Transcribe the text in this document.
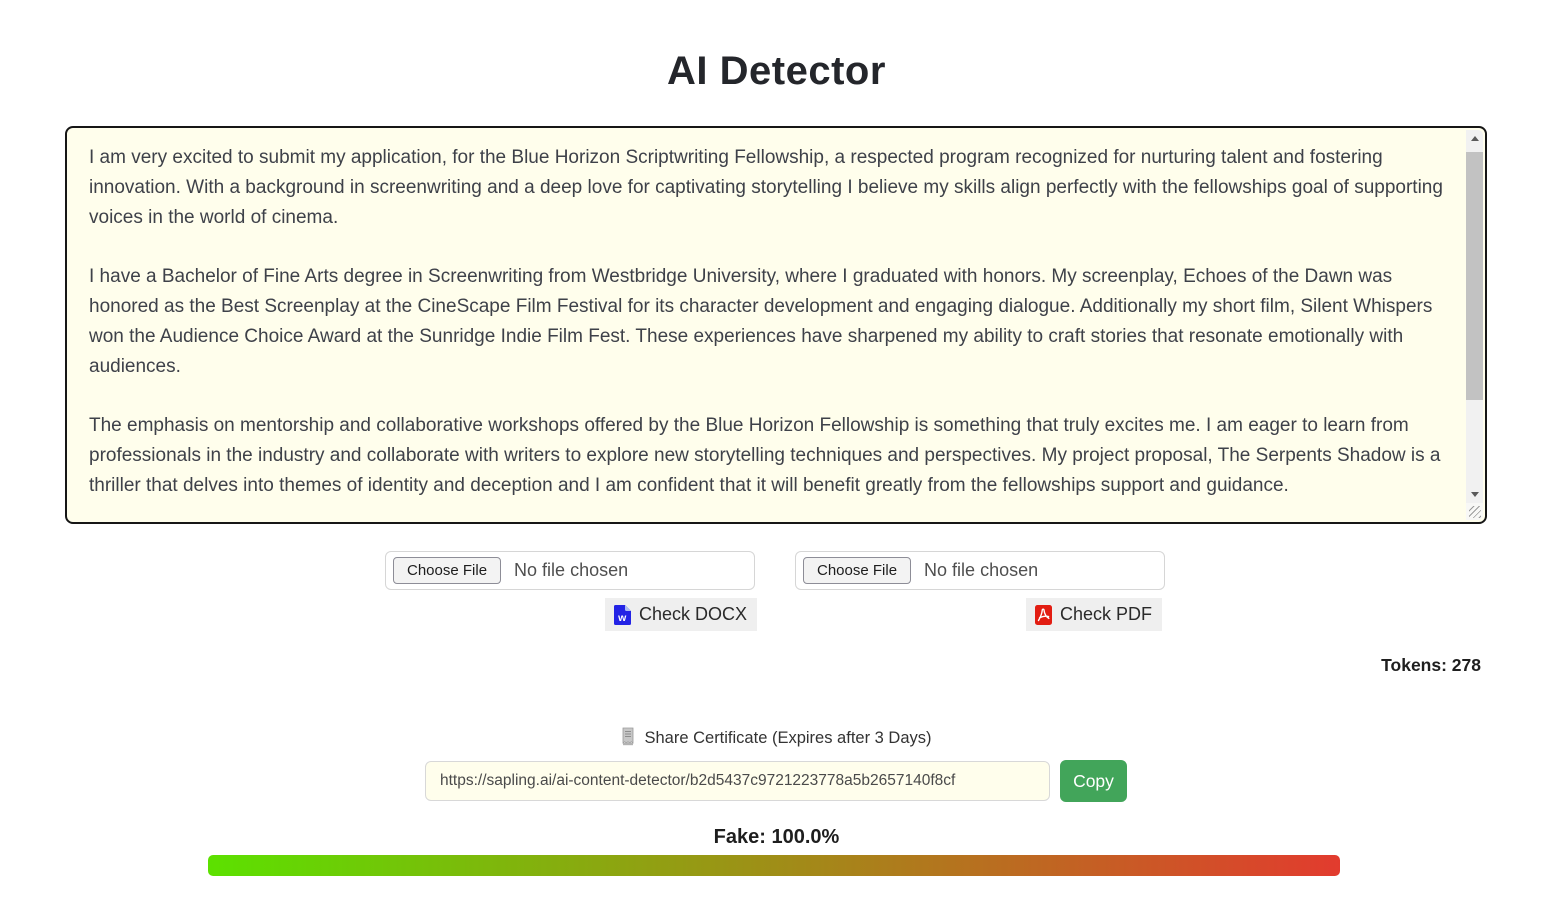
AI Detector

I am very excited to submit my application, for the Blue Horizon Scriptwriting Fellowship, a respected program recognized for nurturing talent and fostering innovation. With a background in screenwriting and a deep love for captivating storytelling I believe my skills align perfectly with the fellowships goal of supporting voices in the world of cinema.

I have a Bachelor of Fine Arts degree in Screenwriting from Westbridge University, where I graduated with honors. My screenplay, Echoes of the Dawn was honored as the Best Screenplay at the CineScape Film Festival for its character development and engaging dialogue. Additionally my short film, Silent Whispers won the Audience Choice Award at the Sunridge Indie Film Fest. These experiences have sharpened my ability to craft stories that resonate emotionally with audiences.

The emphasis on mentorship and collaborative workshops offered by the Blue Horizon Fellowship is something that truly excites me. I am eager to learn from professionals in the industry and collaborate with writers to explore new storytelling techniques and perspectives. My project proposal, The Serpents Shadow is a thriller that delves into themes of identity and deception and I am confident that it will benefit greatly from the fellowships support and guidance.

Choose File	No file chosen	Choose File	No file chosen
w Check DOCX	Check PDF
Tokens: 278
Share Certificate (Expires after 3 Days)
https://sapling.ai/ai-content-detector/b2d5437c9721223778a5b2657140f8cf	Copy
Fake: 100.0%
